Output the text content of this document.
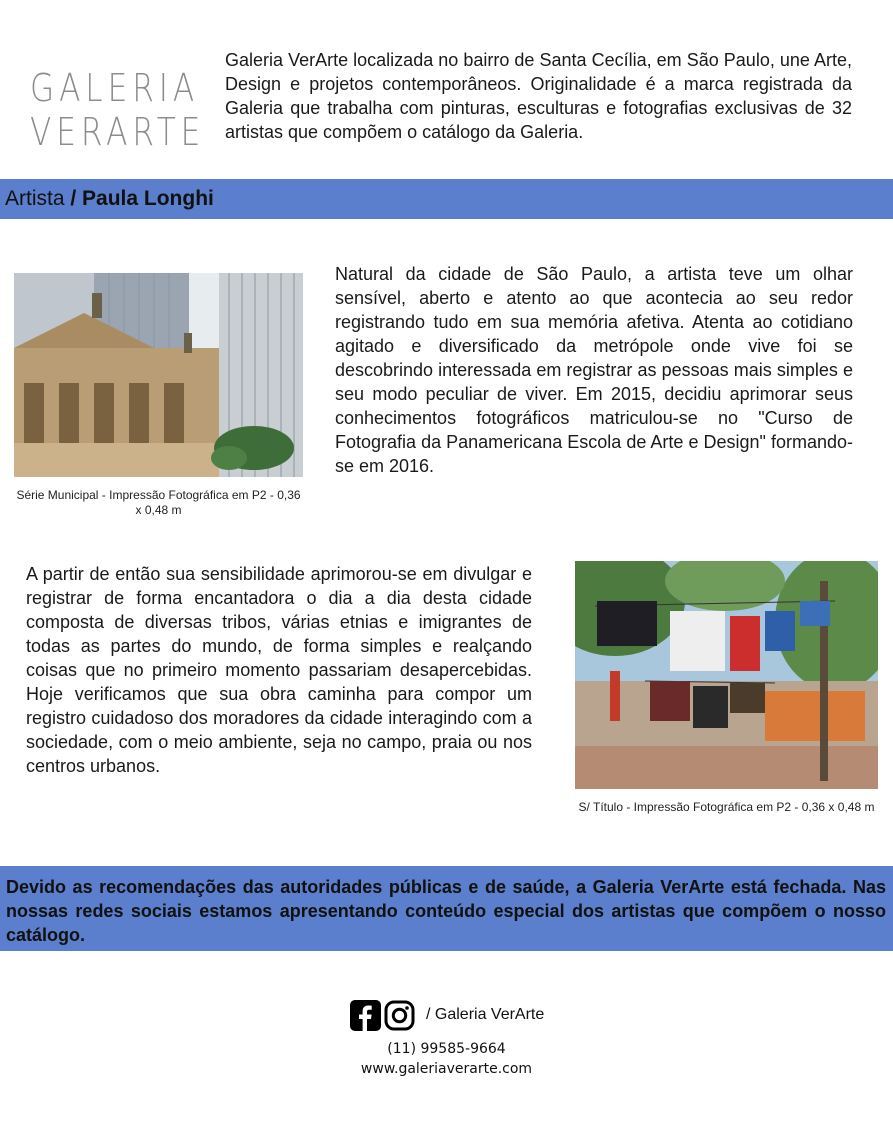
GALERIA
VERARTE

Galeria VerArte localizada no bairro de Santa Cecília, em São Paulo, une Arte, Design e projetos contemporâneos. Originalidade é a marca registrada da Galeria que trabalha com pinturas, esculturas e fotografias exclusivas de 32 artistas que compõem o catálogo da Galeria.

Artista / Paula Longhi

Série Municipal - Impressão Fotográfica em P2 - 0,36 x 0,48 m

Natural da cidade de São Paulo, a artista teve um olhar sensível, aberto e atento ao que acontecia ao seu redor registrando tudo em sua memória afetiva. Atenta ao cotidiano agitado e diversificado da metrópole onde vive foi se descobrindo interessada em registrar as pessoas mais simples e seu modo peculiar de viver. Em 2015, decidiu aprimorar seus conhecimentos fotográficos matriculou-se no "Curso de Fotografia da Panamericana Escola de Arte e Design" formando-se em 2016.

A partir de então sua sensibilidade aprimorou-se em divulgar e registrar de forma encantadora o dia a dia desta cidade composta de diversas tribos, várias etnias e imigrantes de todas as partes do mundo, de forma simples e realçando coisas que no primeiro momento passariam desapercebidas. Hoje verificamos que sua obra caminha para compor um registro cuidadoso dos moradores da cidade interagindo com a sociedade, com o meio ambiente, seja no campo, praia ou nos centros urbanos.

S/ Título - Impressão Fotográfica em P2 - 0,36 x 0,48 m

Devido as recomendações das autoridades públicas e de saúde, a Galeria VerArte está fechada. Nas nossas redes sociais estamos apresentando conteúdo especial dos artistas que compõem o nosso catálogo.

/ Galeria VerArte
(11) 99585-9664
www.galeriaverarte.com
